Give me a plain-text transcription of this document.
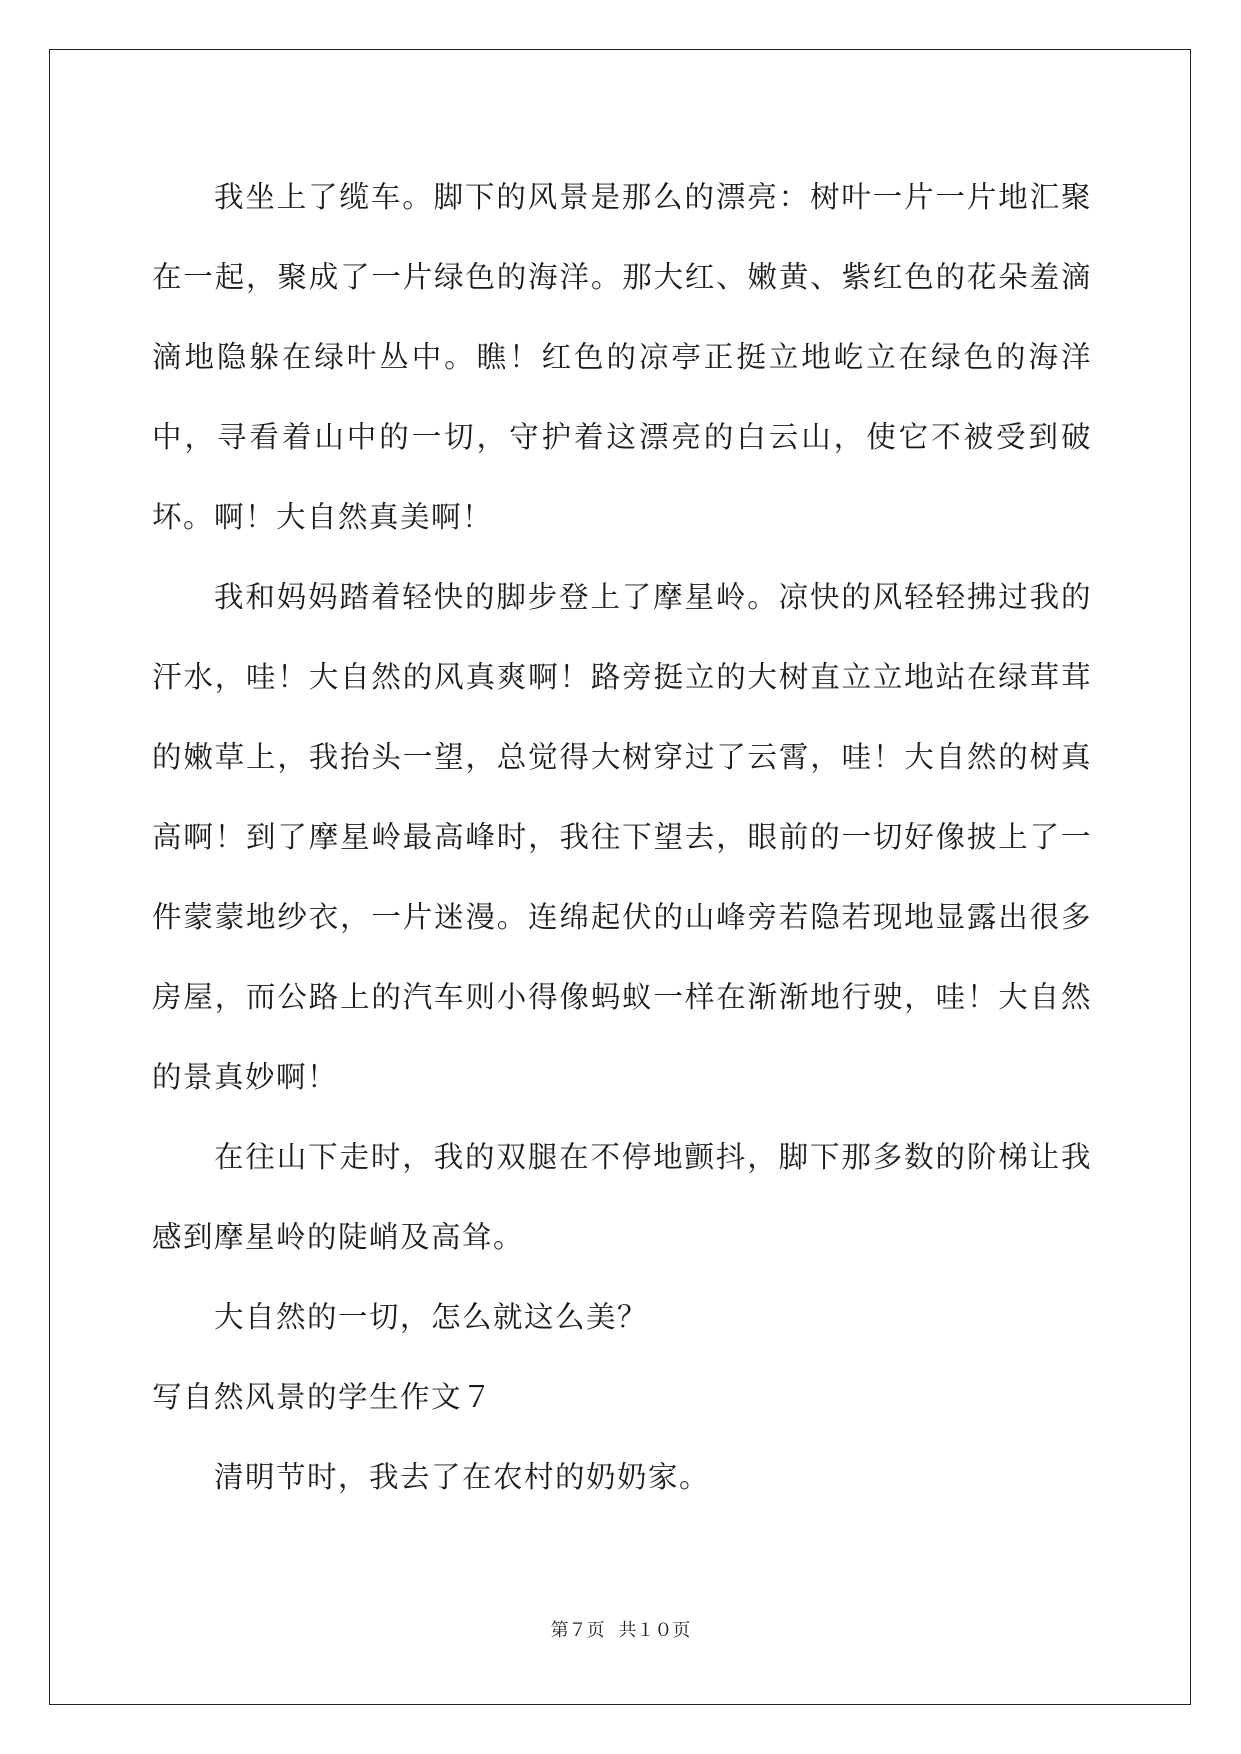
我坐上了缆车。脚下的风景是那么的漂亮：树叶一片一片地汇聚在一起，聚成了一片绿色的海洋。那大红、嫩黄、紫红色的花朵羞滴滴地隐躲在绿叶丛中。瞧！红色的凉亭正挺立地屹立在绿色的海洋中，寻看着山中的一切，守护着这漂亮的白云山，使它不被受到破坏。啊！大自然真美啊！

我和妈妈踏着轻快的脚步登上了摩星岭。凉快的风轻轻拂过我的汗水，哇！大自然的风真爽啊！路旁挺立的大树直立立地站在绿茸茸的嫩草上，我抬头一望，总觉得大树穿过了云霄，哇！大自然的树真高啊！到了摩星岭最高峰时，我往下望去，眼前的一切好像披上了一件蒙蒙地纱衣，一片迷漫。连绵起伏的山峰旁若隐若现地显露出很多房屋，而公路上的汽车则小得像蚂蚁一样在渐渐地行驶，哇！大自然的景真妙啊！

在往山下走时，我的双腿在不停地颤抖，脚下那多数的阶梯让我感到摩星岭的陡峭及高耸。

大自然的一切，怎么就这么美？

写自然风景的学生作文７

清明节时，我去了在农村的奶奶家。

第７页 共１０页
